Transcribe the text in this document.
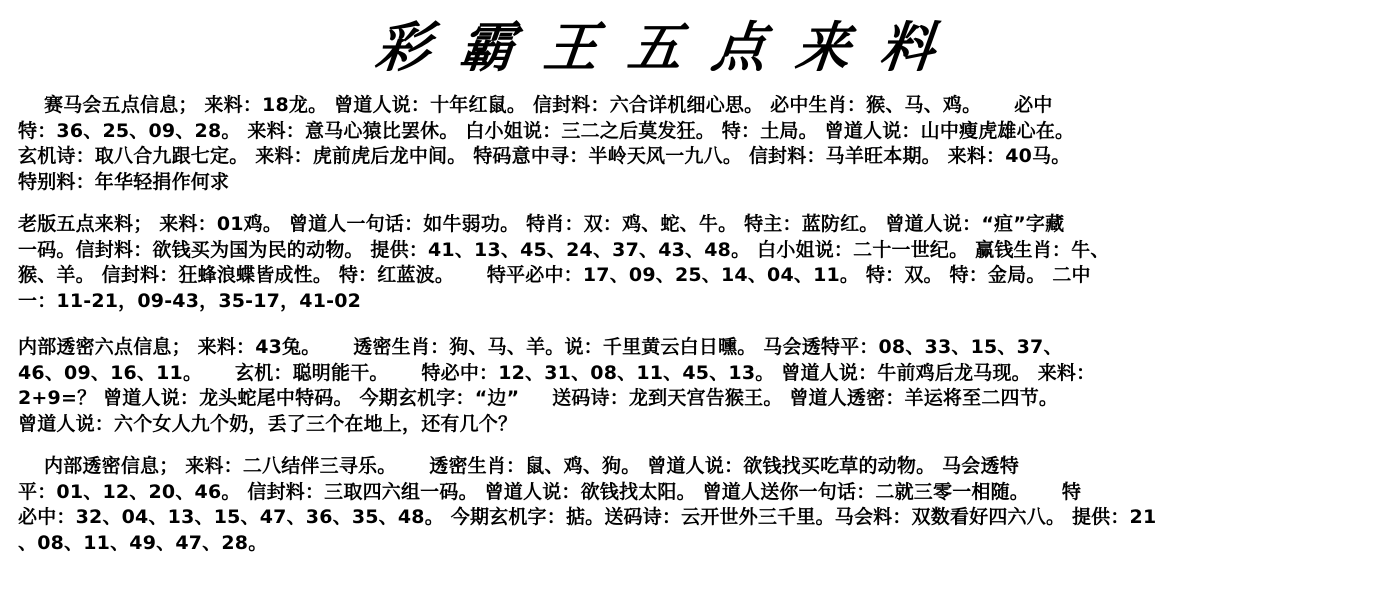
彩霸王五点来料
　 赛马会五点信息； 来料：18龙。 曾道人说：十年红鼠。 信封料：六合详机细心思。 必中生肖：猴、马、鸡。 　 必中
特：36、25、09、28。 来料：意马心猿比罢休。 白小姐说：三二之后莫发狂。 特：土局。 曾道人说：山中瘦虎雄心在。
玄机诗：取八合九跟七定。 来料：虎前虎后龙中间。 特码意中寻：半岭天风一九八。 信封料：马羊旺本期。 来料：40马。
特别料：年华轻捐作何求
老版五点来料； 来料：01鸡。 曾道人一句话：如牛弱功。 特肖：双：鸡、蛇、牛。 特主：蓝防红。 曾道人说：“疸”字藏
一码。信封料：欲钱买为国为民的动物。 提供：41、13、45、24、37、43、48。 白小姐说：二十一世纪。 赢钱生肖：牛、
猴、羊。 信封料：狂蜂浪蝶皆成性。 特：红蓝波。 　 特平必中：17、09、25、14、04、11。 特：双。 特：金局。 二中
一：11-21，09-43，35-17，41-02
内部透密六点信息； 来料：43兔。 　 透密生肖：狗、马、羊。说：千里黄云白日曛。 马会透特平：08、33、15、37、
46、09、16、11。 　 玄机：聪明能干。 　 特必中：12、31、08、11、45、13。 曾道人说：牛前鸡后龙马现。 来料：
2+9=？ 曾道人说：龙头蛇尾中特码。 今期玄机字：“边” 　 送码诗：龙到天宫告猴王。 曾道人透密：羊运将至二四节。
曾道人说：六个女人九个奶，丢了三个在地上，还有几个？
　 内部透密信息； 来料：二八结伴三寻乐。 　 透密生肖：鼠、鸡、狗。 曾道人说：欲钱找买吃草的动物。 马会透特
平：01、12、20、46。 信封料：三取四六组一码。 曾道人说：欲钱找太阳。 曾道人送你一句话：二就三零一相随。 　 特
必中：32、04、13、15、47、36、35、48。 今期玄机字：掂。送码诗：云开世外三千里。马会料：双数看好四六八。 提供：21
、08、11、49、47、28。
